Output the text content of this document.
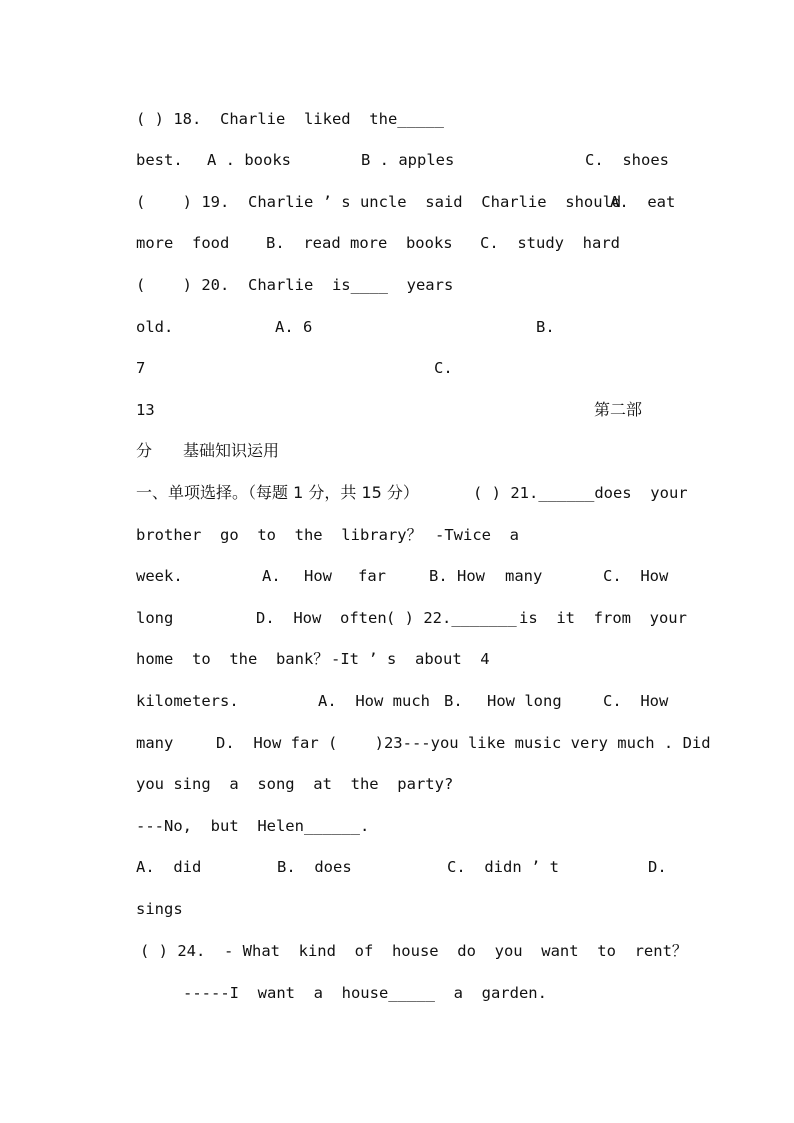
( ) 18.  Charlie  liked  the_____
best. A . books	B . apples	C.  shoes
(    ) 19.  Charlie ’ s uncle  said  Charlie  should
A.  eat
more  food B.  read more  books C.  study  hard
(    ) 20.  Charlie  is____  years
old.	A. 6	B.
7	C.
13	第二部
分 基础知识运用
一、单项选择。（每题 1 分，共 15 分）	( ) 21.______does  your
brother  go  to  the  library？ -Twice  a
week.	A. How far	B. How many	C.  How
long	D.  How  often ( ) 22._______ is  it  from  your
home  to  the  bank？ -It ’ s  about  4
kilometers.	A.  How much B. How long	C.  How
many	D.  How far (    )23---you like music very much . Did
you sing  a  song  at  the  party?
---No,  but  Helen______.
A.  did	B.  does	C.  didn ’ t	D.
sings
( ) 24.  - What  kind  of  house  do  you  want  to  rent？
-----I  want  a  house_____  a  garden.
